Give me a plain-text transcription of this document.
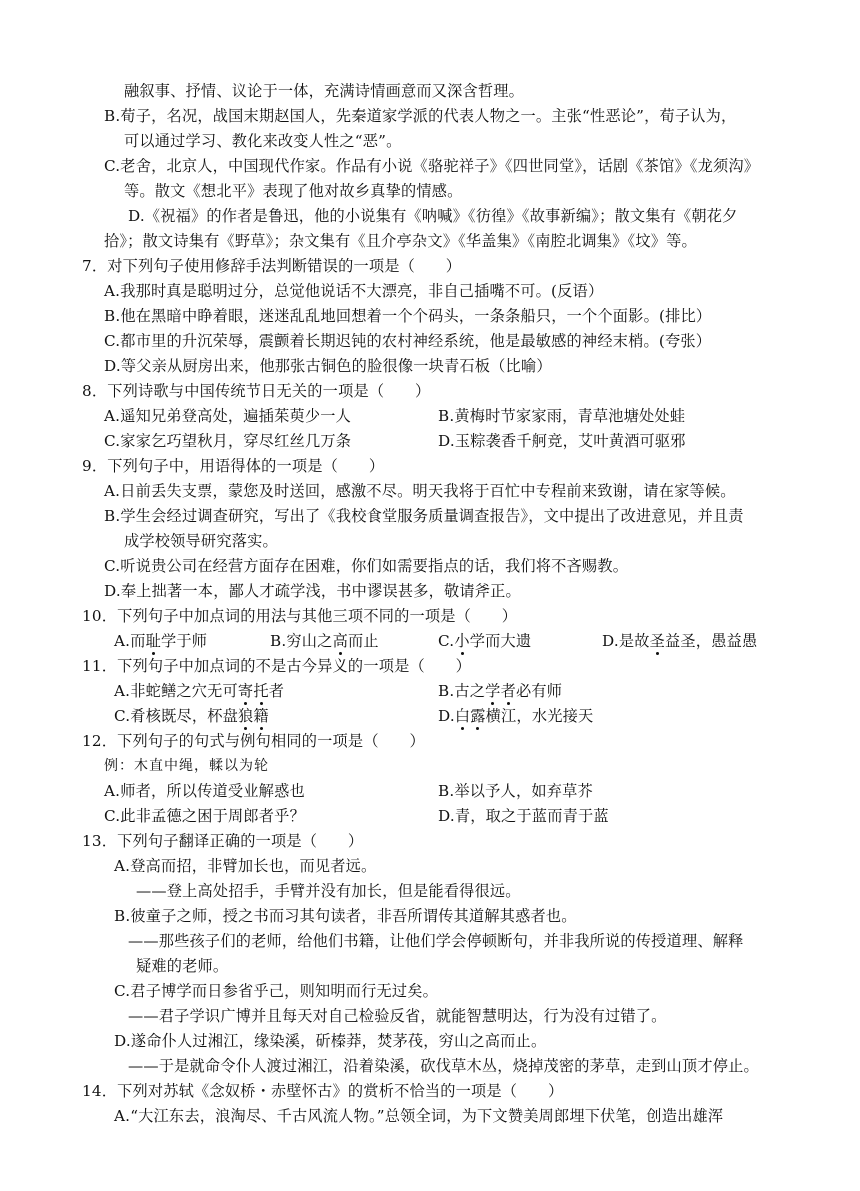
融叙事、抒情、议论于一体，充满诗情画意而又深含哲理。
B.荀子，名况，战国末期赵国人，先秦道家学派的代表人物之一。主张“性恶论”，荀子认为，
可以通过学习、教化来改变人性之“恶”。
C.老舍，北京人，中国现代作家。作品有小说《骆驼祥子》《四世同堂》，话剧《茶馆》《龙须沟》
等。散文《想北平》表现了他对故乡真挚的情感。
D.《祝福》的作者是鲁迅，他的小说集有《呐喊》《彷徨》《故事新编》；散文集有《朝花夕
拾》；散文诗集有《野草》；杂文集有《且介亭杂文》《华盖集》《南腔北调集》《坟》等。
7．对下列句子使用修辞手法判断错误的一项是（　　）
A.我那时真是聪明过分，总觉他说话不大漂亮，非自己插嘴不可。(反语）
B.他在黑暗中睁着眼，迷迷乱乱地回想着一个个码头，一条条船只，一个个面影。(排比）
C.都市里的升沉荣辱，震颤着长期迟钝的农村神经系统，他是最敏感的神经末梢。(夸张）
D.等父亲从厨房出来，他那张古铜色的脸很像一块青石板（比喻）
8．下列诗歌与中国传统节日无关的一项是（　　）
A.遥知兄弟登高处，遍插茱萸少一人	B.黄梅时节家家雨，青草池塘处处蛙
C.家家乞巧望秋月，穿尽红丝几万条	D.玉粽袭香千舸竞，艾叶黄酒可驱邪
9．下列句子中，用语得体的一项是（　　）
A.日前丢失支票，蒙您及时送回，感激不尽。明天我将于百忙中专程前来致谢，请在家等候。
B.学生会经过调查研究，写出了《我校食堂服务质量调查报告》，文中提出了改进意见，并且责
成学校领导研究落实。
C.听说贵公司在经营方面存在困难，你们如需要指点的话，我们将不吝赐教。
D.奉上拙著一本，鄙人才疏学浅，书中谬误甚多，敬请斧正。
10．下列句子中加点词的用法与其他三项不同的一项是（　　）
A.而耻学于师	B.穷山之高而止	C.小学而大遗	D.是故圣益圣，愚益愚
11．下列句子中加点词的不是古今异义的一项是（　　）
A.非蛇鳝之穴无可寄托者	B.古之学者必有师
C.肴核既尽，杯盘狼籍	D.白露横江，水光接天
12．下列句子的句式与例句相同的一项是（　　）
例：木直中绳，輮以为轮
A.师者，所以传道受业解惑也	B.举以予人，如弃草芥
C.此非孟德之困于周郎者乎？	D.青，取之于蓝而青于蓝
13．下列句子翻译正确的一项是（　　）
A.登高而招，非臂加长也，而见者远。
——登上高处招手，手臂并没有加长，但是能看得很远。
B.彼童子之师，授之书而习其句读者，非吾所谓传其道解其惑者也。
——那些孩子们的老师，给他们书籍，让他们学会停顿断句，并非我所说的传授道理、解释
疑难的老师。
C.君子博学而日参省乎己，则知明而行无过矣。
——君子学识广博并且每天对自己检验反省，就能智慧明达，行为没有过错了。
D.遂命仆人过湘江，缘染溪，斫榛莽，焚茅茷，穷山之高而止。
——于是就命令仆人渡过湘江，沿着染溪，砍伐草木丛，烧掉茂密的茅草，走到山顶才停止。
14．下列对苏轼《念奴桥・赤壁怀古》的赏析不恰当的一项是（　　）
A.“大江东去，浪淘尽、千古风流人物。”总领全词，为下文赞美周郎埋下伏笔，创造出雄浑
